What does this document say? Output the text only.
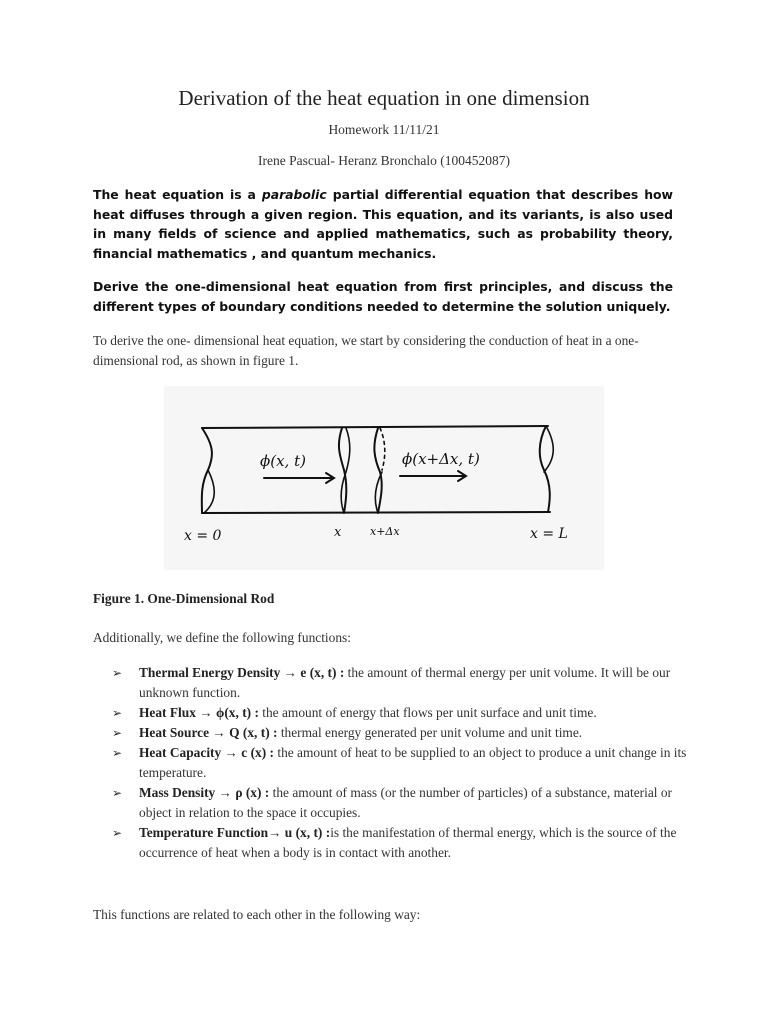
Derivation of the heat equation in one dimension
Homework 11/11/21
Irene Pascual- Heranz Bronchalo (100452087)
The heat equation is a parabolic partial differential equation that describes how heat diffuses through a given region. This equation, and its variants, is also used in many fields of science and applied mathematics, such as probability theory, financial mathematics , and quantum mechanics.
Derive the one-dimensional heat equation from first principles, and discuss the different types of boundary conditions needed to determine the solution uniquely.
To derive the one- dimensional heat equation, we start by considering the conduction of heat in a one- dimensional rod, as shown in figure 1.
ϕ(x, t)	ϕ(x+Δx, t)
x = 0	x	x+Δx	x = L
Figure 1. One-Dimensional Rod
Additionally, we define the following functions:
➢ Thermal Energy Density → e (x, t) : the amount of thermal energy per unit volume. It will be our unknown function.
➢ Heat Flux → ϕ(x, t) : the amount of energy that flows per unit surface and unit time.
➢ Heat Source → Q (x, t) : thermal energy generated per unit volume and unit time.
➢ Heat Capacity → c (x) : the amount of heat to be supplied to an object to produce a unit change in its temperature.
➢ Mass Density → ρ (x) : the amount of mass (or the number of particles) of a substance, material or object in relation to the space it occupies.
➢ Temperature Function→ u (x, t) :is the manifestation of thermal energy, which is the source of the occurrence of heat when a body is in contact with another.
This functions are related to each other in the following way:
